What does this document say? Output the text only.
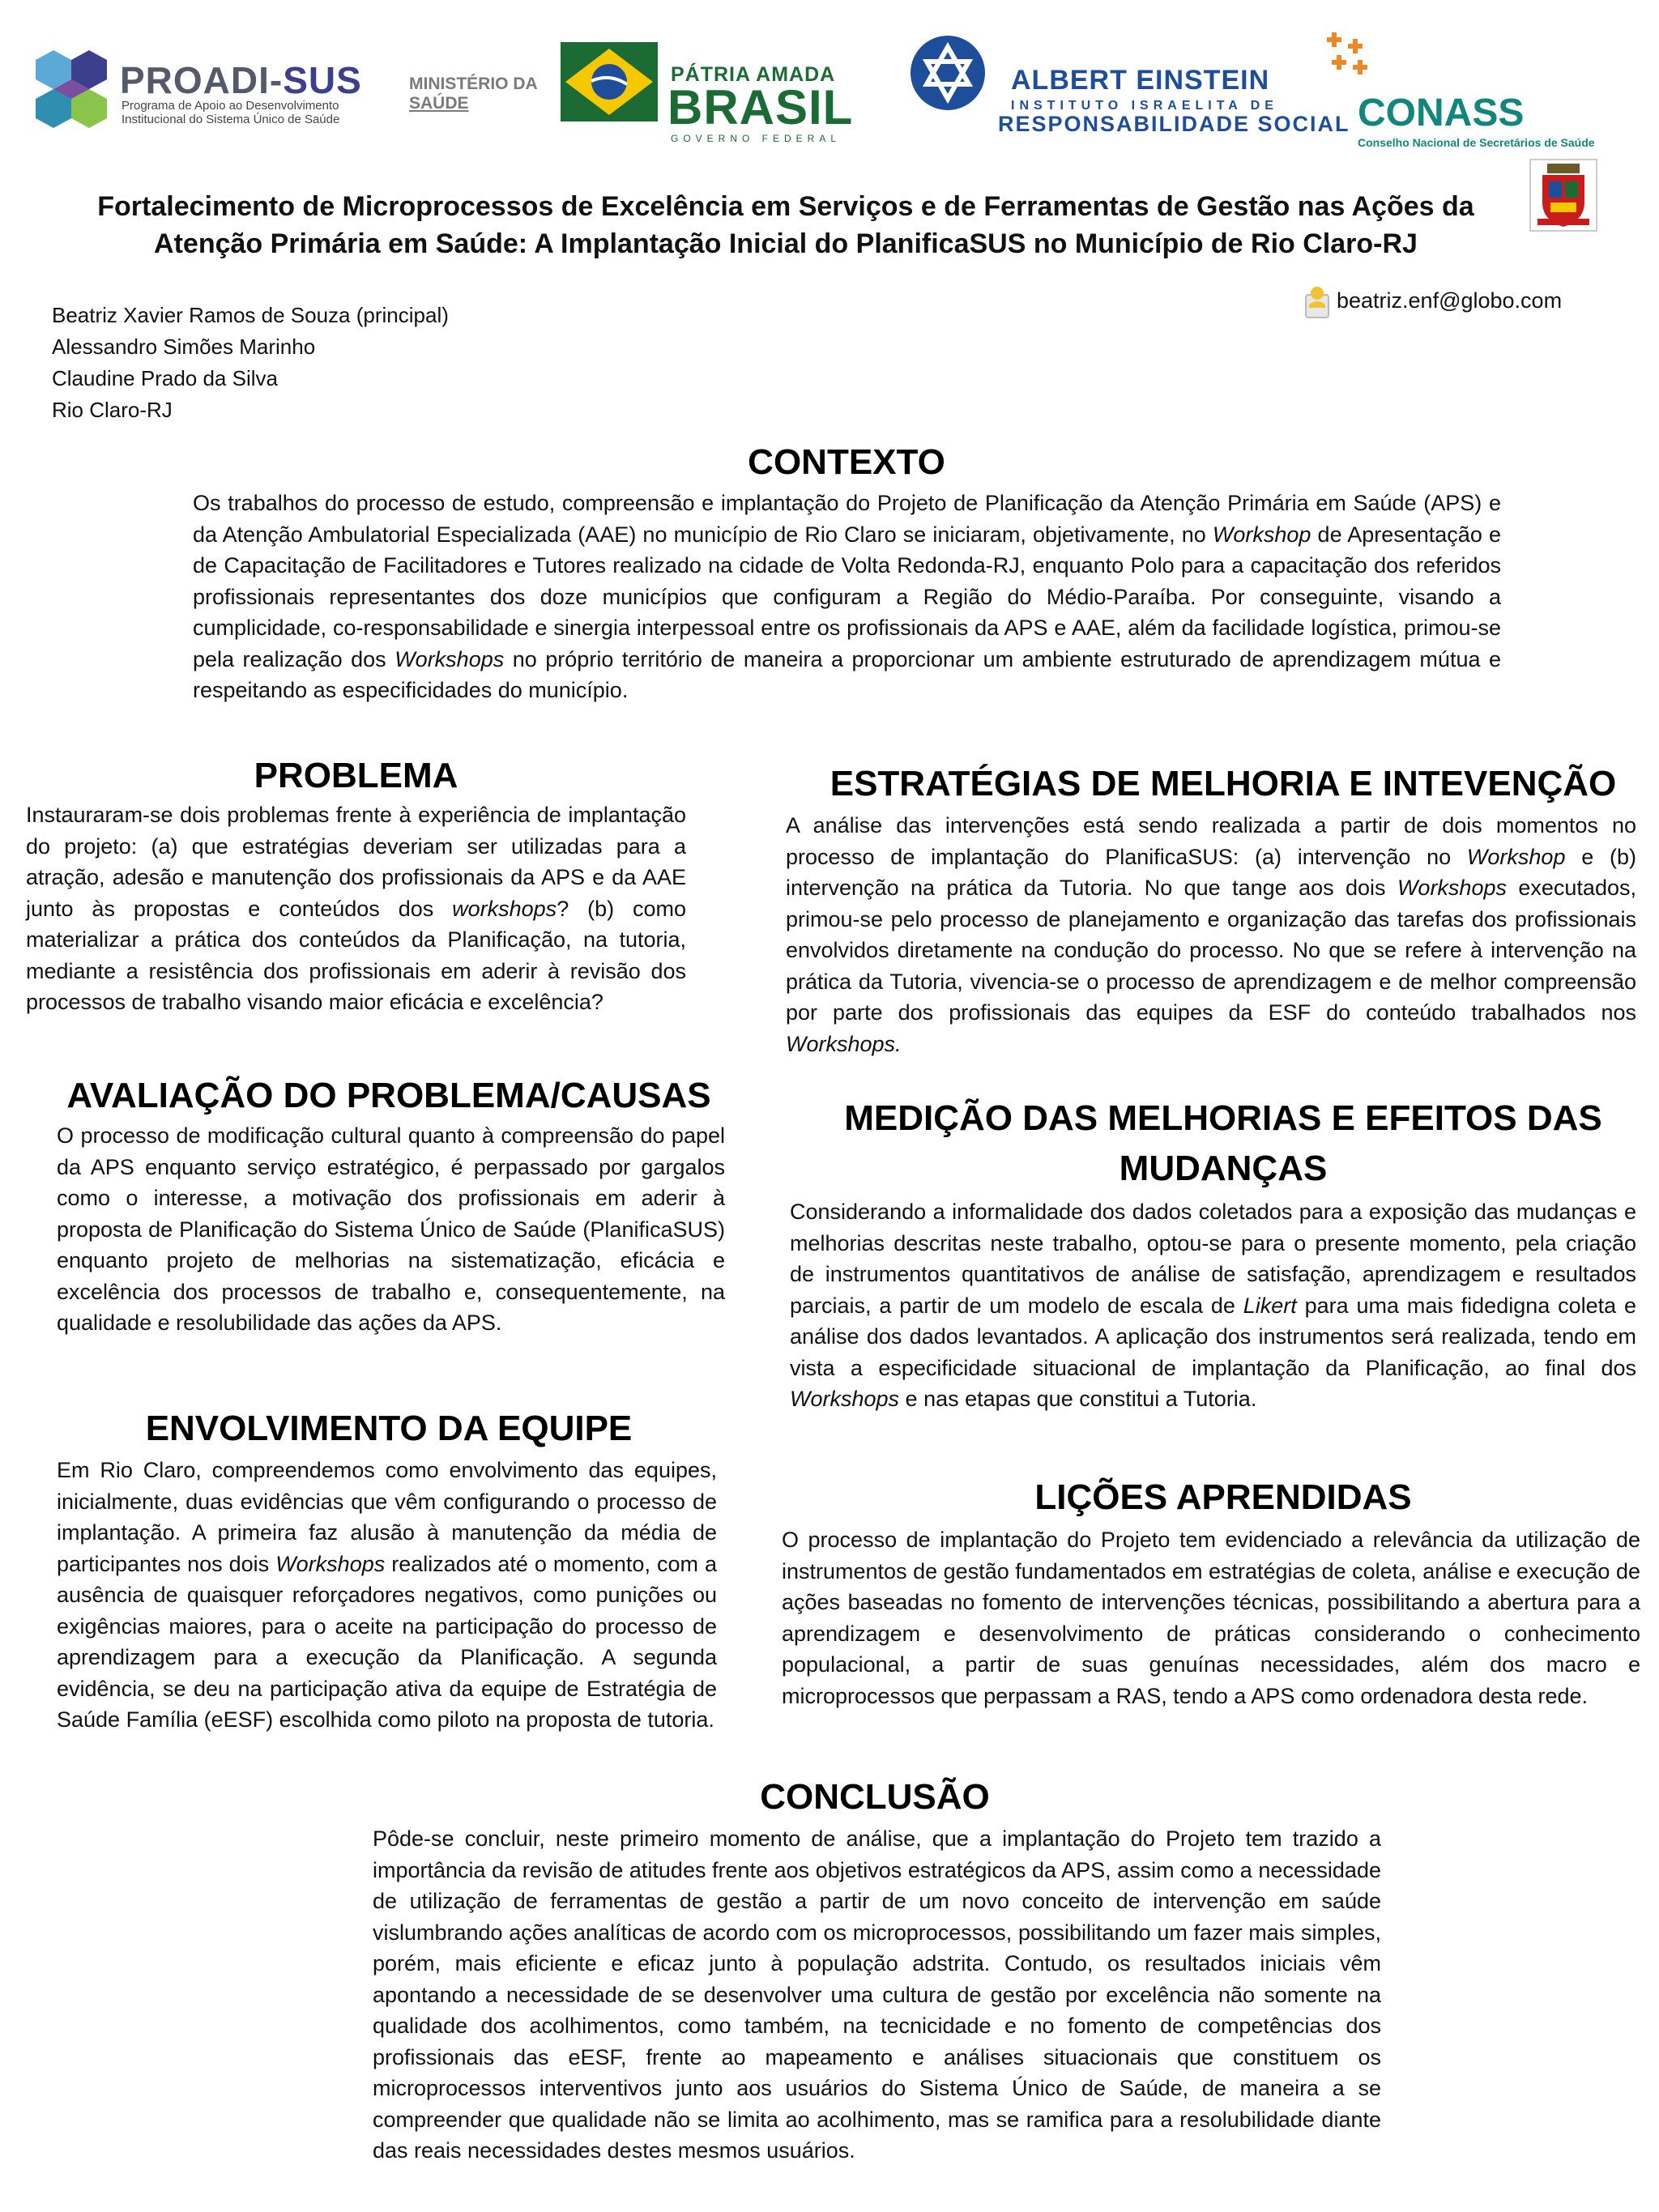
PROADI-SUS
Programa de Apoio ao Desenvolvimento Institucional do Sistema Único de Saúde
MINISTÉRIO DA
SAÚDE
PÁTRIA AMADA
BRASIL
GOVERNO FEDERAL
ALBERT EINSTEIN
INSTITUTO ISRAELITA DE
RESPONSABILIDADE SOCIAL CONASS
Conselho Nacional de Secretários de Saúde
Fortalecimento de Microprocessos de Excelência em Serviços e de Ferramentas de Gestão nas Ações da Atenção Primária em Saúde: A Implantação Inicial do PlanificaSUS no Município de Rio Claro-RJ
Beatriz Xavier Ramos de Souza (principal)
Alessandro Simões Marinho
Claudine Prado da Silva
Rio Claro-RJ
beatriz.enf@globo.com
CONTEXTO
Os trabalhos do processo de estudo, compreensão e implantação do Projeto de Planificação da Atenção Primária em Saúde (APS) e da Atenção Ambulatorial Especializada (AAE) no município de Rio Claro se iniciaram, objetivamente, no Workshop de Apresentação e de Capacitação de Facilitadores e Tutores realizado na cidade de Volta Redonda-RJ, enquanto Polo para a capacitação dos referidos profissionais representantes dos doze municípios que configuram a Região do Médio-Paraíba. Por conseguinte, visando a cumplicidade, co-responsabilidade e sinergia interpessoal entre os profissionais da APS e AAE, além da facilidade logística, primou-se pela realização dos Workshops no próprio território de maneira a proporcionar um ambiente estruturado de aprendizagem mútua e respeitando as especificidades do município.
PROBLEMA
Instauraram-se dois problemas frente à experiência de implantação do projeto: (a) que estratégias deveriam ser utilizadas para a atração, adesão e manutenção dos profissionais da APS e da AAE junto às propostas e conteúdos dos workshops? (b) como materializar a prática dos conteúdos da Planificação, na tutoria, mediante a resistência dos profissionais em aderir à revisão dos processos de trabalho visando maior eficácia e excelência?
AVALIAÇÃO DO PROBLEMA/CAUSAS
O processo de modificação cultural quanto à compreensão do papel da APS enquanto serviço estratégico, é perpassado por gargalos como o interesse, a motivação dos profissionais em aderir à proposta de Planificação do Sistema Único de Saúde (PlanificaSUS) enquanto projeto de melhorias na sistematização, eficácia e excelência dos processos de trabalho e, consequentemente, na qualidade e resolubilidade das ações da APS.
ENVOLVIMENTO DA EQUIPE
Em Rio Claro, compreendemos como envolvimento das equipes, inicialmente, duas evidências que vêm configurando o processo de implantação. A primeira faz alusão à manutenção da média de participantes nos dois Workshops realizados até o momento, com a ausência de quaisquer reforçadores negativos, como punições ou exigências maiores, para o aceite na participação do processo de aprendizagem para a execução da Planificação. A segunda evidência, se deu na participação ativa da equipe de Estratégia de Saúde Família (eESF) escolhida como piloto na proposta de tutoria.
ESTRATÉGIAS DE MELHORIA E INTEVENÇÃO
A análise das intervenções está sendo realizada a partir de dois momentos no processo de implantação do PlanificaSUS: (a) intervenção no Workshop e (b) intervenção na prática da Tutoria. No que tange aos dois Workshops executados, primou-se pelo processo de planejamento e organização das tarefas dos profissionais envolvidos diretamente na condução do processo. No que se refere à intervenção na prática da Tutoria, vivencia-se o processo de aprendizagem e de melhor compreensão por parte dos profissionais das equipes da ESF do conteúdo trabalhados nos Workshops.
MEDIÇÃO DAS MELHORIAS E EFEITOS DAS MUDANÇAS
Considerando a informalidade dos dados coletados para a exposição das mudanças e melhorias descritas neste trabalho, optou-se para o presente momento, pela criação de instrumentos quantitativos de análise de satisfação, aprendizagem e resultados parciais, a partir de um modelo de escala de Likert para uma mais fidedigna coleta e análise dos dados levantados. A aplicação dos instrumentos será realizada, tendo em vista a especificidade situacional de implantação da Planificação, ao final dos Workshops e nas etapas que constitui a Tutoria.
LIÇÕES APRENDIDAS
O processo de implantação do Projeto tem evidenciado a relevância da utilização de instrumentos de gestão fundamentados em estratégias de coleta, análise e execução de ações baseadas no fomento de intervenções técnicas, possibilitando a abertura para a aprendizagem e desenvolvimento de práticas considerando o conhecimento populacional, a partir de suas genuínas necessidades, além dos macro e microprocessos que perpassam a RAS, tendo a APS como ordenadora desta rede.
CONCLUSÃO
Pôde-se concluir, neste primeiro momento de análise, que a implantação do Projeto tem trazido a importância da revisão de atitudes frente aos objetivos estratégicos da APS, assim como a necessidade de utilização de ferramentas de gestão a partir de um novo conceito de intervenção em saúde vislumbrando ações analíticas de acordo com os microprocessos, possibilitando um fazer mais simples, porém, mais eficiente e eficaz junto à população adstrita. Contudo, os resultados iniciais vêm apontando a necessidade de se desenvolver uma cultura de gestão por excelência não somente na qualidade dos acolhimentos, como também, na tecnicidade e no fomento de competências dos profissionais das eESF, frente ao mapeamento e análises situacionais que constituem os microprocessos interventivos junto aos usuários do Sistema Único de Saúde, de maneira a se compreender que qualidade não se limita ao acolhimento, mas se ramifica para a resolubilidade diante das reais necessidades destes mesmos usuários.
